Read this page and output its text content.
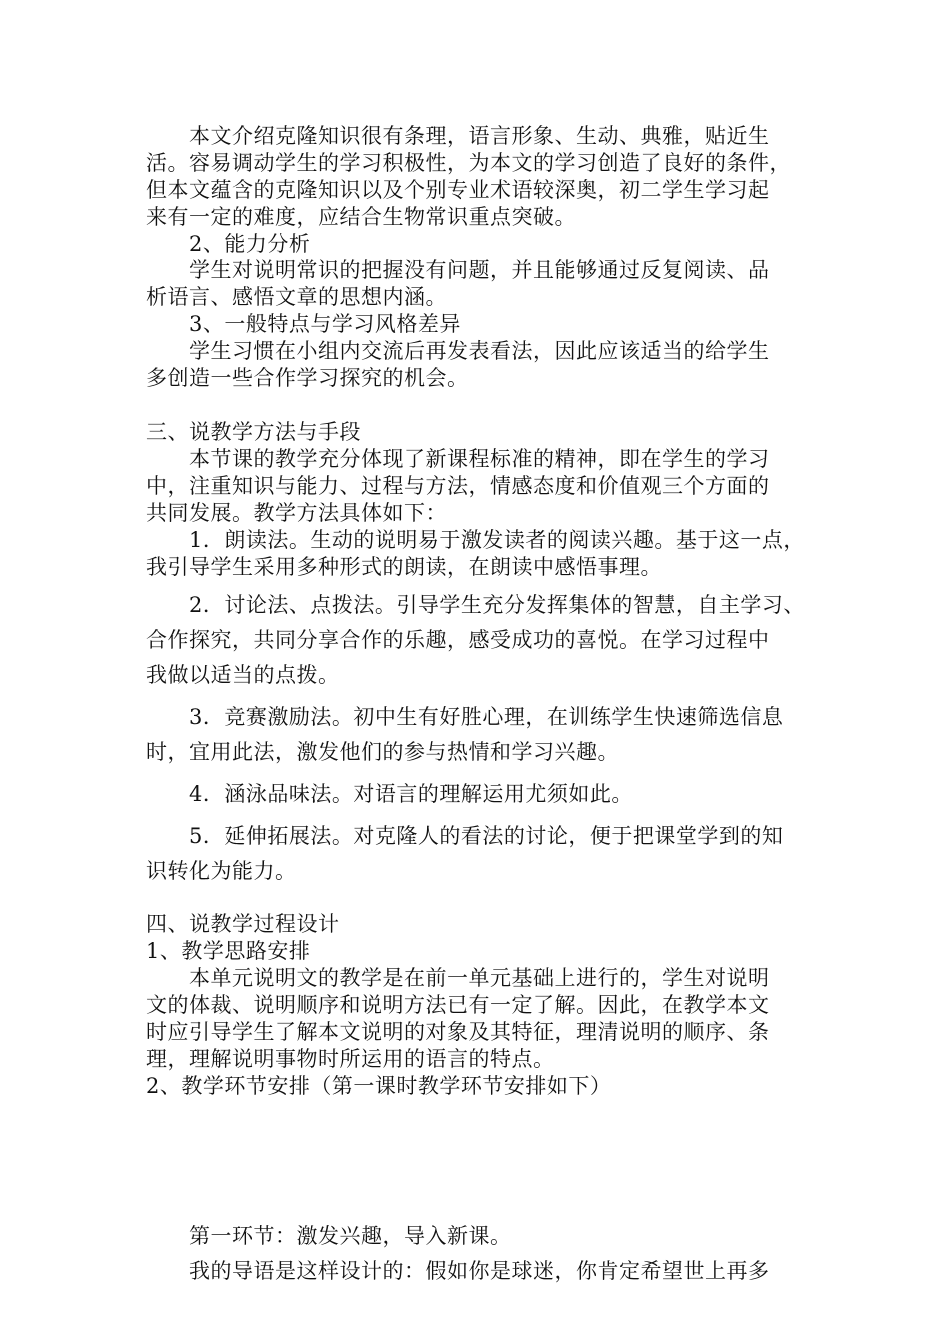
　　本文介绍克隆知识很有条理，语言形象、生动、典雅，贴近生

活。容易调动学生的学习积极性，为本文的学习创造了良好的条件，

但本文蕴含的克隆知识以及个别专业术语较深奥，初二学生学习起

来有一定的难度，应结合生物常识重点突破。

　　2、能力分析

　　学生对说明常识的把握没有问题，并且能够通过反复阅读、品

析语言、感悟文章的思想内涵。

　　3、一般特点与学习风格差异

　　学生习惯在小组内交流后再发表看法，因此应该适当的给学生

多创造一些合作学习探究的机会。

三、说教学方法与手段

　　本节课的教学充分体现了新课程标准的精神，即在学生的学习

中，注重知识与能力、过程与方法，情感态度和价值观三个方面的

共同发展。教学方法具体如下：

　　1．朗读法。生动的说明易于激发读者的阅读兴趣。基于这一点，

我引导学生采用多种形式的朗读，在朗读中感悟事理。

　　2．讨论法、点拨法。引导学生充分发挥集体的智慧，自主学习、

合作探究，共同分享合作的乐趣，感受成功的喜悦。在学习过程中

我做以适当的点拨。

　　3．竞赛激励法。初中生有好胜心理，在训练学生快速筛选信息

时，宜用此法，激发他们的参与热情和学习兴趣。

　　4．涵泳品味法。对语言的理解运用尤须如此。

　　5．延伸拓展法。对克隆人的看法的讨论，便于把课堂学到的知

识转化为能力。

四、说教学过程设计

1、教学思路安排

　　本单元说明文的教学是在前一单元基础上进行的，学生对说明

文的体裁、说明顺序和说明方法已有一定了解。因此，在教学本文

时应引导学生了解本文说明的对象及其特征，理清说明的顺序、条

理，理解说明事物时所运用的语言的特点。

2、教学环节安排（第一课时教学环节安排如下）

　　第一环节：激发兴趣，导入新课。

　　我的导语是这样设计的：假如你是球迷，你肯定希望世上再多
